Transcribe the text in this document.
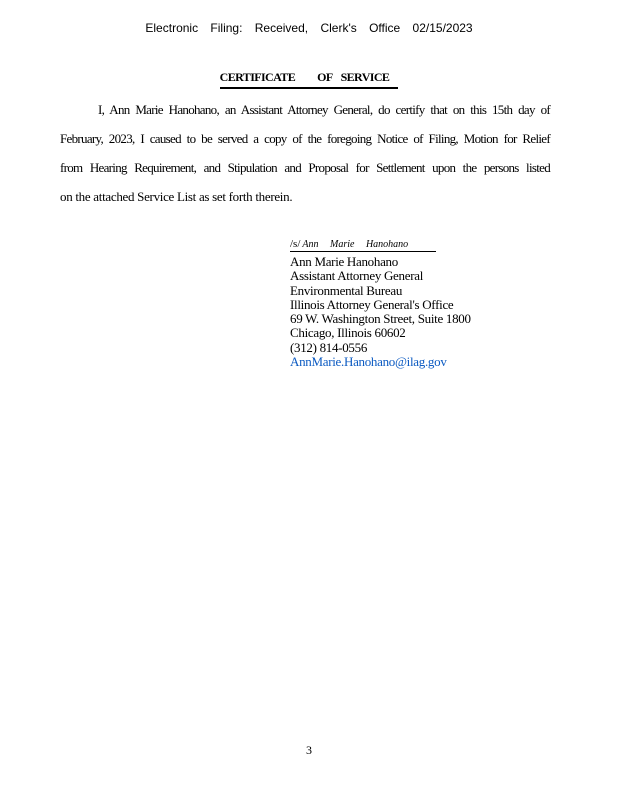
Electronic Filing: Received, Clerk's Office 02/15/2023
CERTIFICATE OF SERVICE
I, Ann Marie Hanohano, an Assistant Attorney General, do certify that on this 15th day of
February, 2023, I caused to be served a copy of the foregoing Notice of Filing, Motion for Relief
from Hearing Requirement, and Stipulation and Proposal for Settlement upon the persons listed
on the attached Service List as set forth therein.
/s/ Ann Marie Hanohano
Ann Marie Hanohano
Assistant Attorney General
Environmental Bureau
Illinois Attorney General's Office
69 W. Washington Street, Suite 1800
Chicago, Illinois 60602
(312) 814-0556
AnnMarie.Hanohano@ilag.gov
3
